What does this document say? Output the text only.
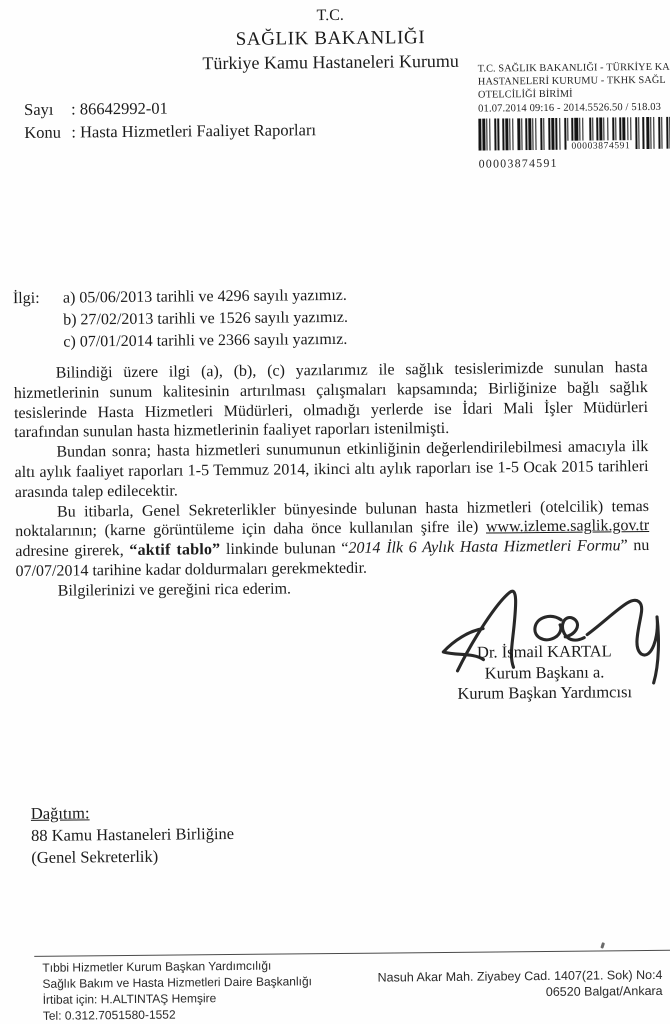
T.C.
SAĞLIK BAKANLIĞI
Türkiye Kamu Hastaneleri Kurumu
Sayı : 86642992-01
Konu : Hasta Hizmetleri Faaliyet Raporları
T.C. SAĞLIK BAKANLIĞI - TÜRKİYE KA
HASTANELERİ KURUMU - TKHK SAĞL
OTELCİLİĞİ BİRİMİ
01.07.2014 09:16 - 2014.5526.50 / 518.03
00003874591
00003874591
İlgi:	a) 05/06/2013 tarihli ve 4296 sayılı yazımız.
b) 27/02/2013 tarihli ve 1526 sayılı yazımız.
c) 07/01/2014 tarihli ve 2366 sayılı yazımız.

Bilindiği üzere ilgi (a), (b), (c) yazılarımız ile sağlık tesislerimizde sunulan hasta hizmetlerinin sunum kalitesinin artırılması çalışmaları kapsamında; Birliğinize bağlı sağlık tesislerinde Hasta Hizmetleri Müdürleri, olmadığı yerlerde ise İdari Mali İşler Müdürleri tarafından sunulan hasta hizmetlerinin faaliyet raporları istenilmişti.

Bundan sonra; hasta hizmetleri sunumunun etkinliğinin değerlendirilebilmesi amacıyla ilk altı aylık faaliyet raporları 1-5 Temmuz 2014, ikinci altı aylık raporları ise 1-5 Ocak 2015 tarihleri arasında talep edilecektir.

Bu itibarla, Genel Sekreterlikler bünyesinde bulunan hasta hizmetleri (otelcilik) temas noktalarının; (karne görüntüleme için daha önce kullanılan şifre ile) www.izleme.saglik.gov.tr adresine girerek, “aktif tablo” linkinde bulunan “2014 İlk 6 Aylık Hasta Hizmetleri Formu” nu 07/07/2014 tarihine kadar doldurmaları gerekmektedir.

Bilgilerinizi ve gereğini rica ederim.

Dr. İsmail KARTAL
Kurum Başkanı a.
Kurum Başkan Yardımcısı
Dağıtım:
88 Kamu Hastaneleri Birliğine
(Genel Sekreterlik)
Tıbbi Hizmetler Kurum Başkan Yardımcılığı
Sağlık Bakım ve Hasta Hizmetleri Daire Başkanlığı
İrtibat için: H.ALTINTAŞ Hemşire
Tel: 0.312.7051580-1552
Nasuh Akar Mah. Ziyabey Cad. 1407(21. Sok) No:4
06520 Balgat/Ankara
